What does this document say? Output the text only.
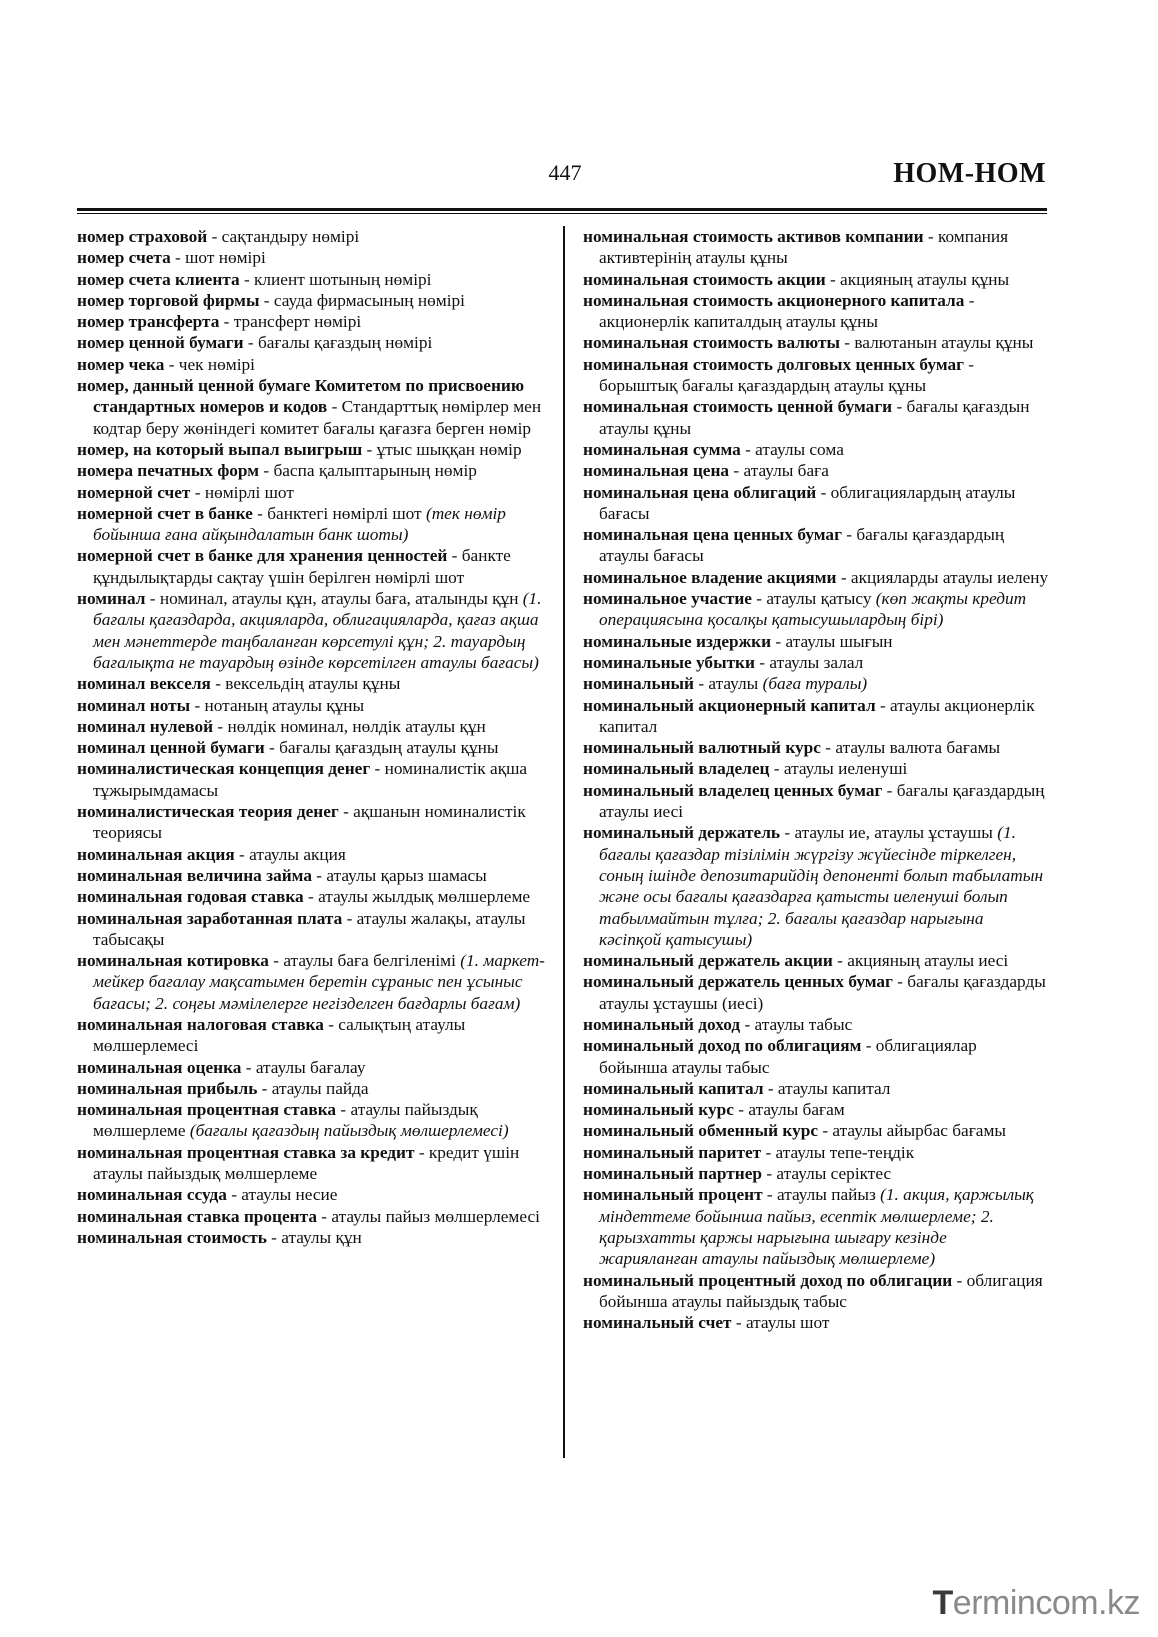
447	НОМ-НОМ

номер страховой - сақтандыру нөмірі

номер счета - шот нөмірі

номер счета клиента - клиент шотының нөмірі

номер торговой фирмы - сауда фирмасының нөмірі

номер трансферта - трансферт нөмірі

номер ценной бумаги - бағалы қағаздың нөмірі

номер чека - чек нөмірі

номер, данный ценной бумаге Комитетом по присвоению стандартных номеров и кодов - Стандарттық нөмірлер мен кодтар беру жөніндегі комитет бағалы қағазға берген нөмір

номер, на который выпал выигрыш - ұтыс шыққан нөмір

номера печатных форм - баспа қалыптарының нөмір

номерной счет - нөмірлі шот

номерной счет в банке - банктегі нөмірлі шот (тек нөмір бойынша ғана айқындалатын банк шоты)

номерной счет в банке для хранения ценностей - банкте құндылықтарды сақтау үшін берілген нөмірлі шот

номинал - номинал, атаулы құн, атаулы баға, аталынды құн (1. бағалы қағаздарда, акцияларда, облигацияларда, қағаз ақша мен мәнеттерде таңбаланған көрсетулі құн; 2. тауардың бағалықта не тауардың өзінде көрсетілген атаулы бағасы)

номинал векселя - вексельдің атаулы құны

номинал ноты - нотаның атаулы құны

номинал нулевой - нөлдік номинал, нөлдік атаулы құн

номинал ценной бумаги - бағалы қағаздың атаулы құны

номиналистическая концепция денег - номиналистік ақша тұжырымдамасы

номиналистическая теория денег - ақшанын номиналистік теориясы

номинальная акция - атаулы акция

номинальная величина займа - атаулы қарыз шамасы

номинальная годовая ставка - атаулы жылдық мөлшерлеме

номинальная заработанная плата - атаулы жалақы, атаулы табысақы

номинальная котировка - атаулы баға белгіленімі (1. маркет-мейкер бағалау мақсатымен беретін сұраныс пен ұсыныс бағасы; 2. соңғы мәмілелерге негізделген бағдарлы бағам)

номинальная налоговая ставка - салықтың атаулы мөлшерлемесі

номинальная оценка - атаулы бағалау

номинальная прибыль - атаулы пайда

номинальная процентная ставка - атаулы пайыздық мөлшерлеме (бағалы қағаздың пайыздық мөлшерлемесі)

номинальная процентная ставка за кредит - кредит үшін атаулы пайыздық мөлшерлеме

номинальная ссуда - атаулы несие

номинальная ставка процента - атаулы пайыз мөлшерлемесі

номинальная стоимость - атаулы құн

номинальная стоимость активов компании - компания активтерінің атаулы құны

номинальная стоимость акции - акцияның атаулы құны

номинальная стоимость акционерного капитала - акционерлік капиталдың атаулы құны

номинальная стоимость валюты - валютанын атаулы құны

номинальная стоимость долговых ценных бумаг - борыштық бағалы қағаздардың атаулы құны

номинальная стоимость ценной бумаги - бағалы қағаздын атаулы құны

номинальная сумма - атаулы сома

номинальная цена - атаулы баға

номинальная цена облигаций - облигациялардың атаулы бағасы

номинальная цена ценных бумаг - бағалы қағаздардың атаулы бағасы

номинальное владение акциями - акцияларды атаулы иелену

номинальное участие - атаулы қатысу (көп жақты кредит операциясына қосалқы қатысушылардың бірі)

номинальные издержки - атаулы шығын

номинальные убытки - атаулы залал

номинальный - атаулы (баға туралы)

номинальный акционерный капитал - атаулы акционерлік капитал

номинальный валютный курс - атаулы валюта бағамы

номинальный владелец - атаулы иеленуші

номинальный владелец ценных бумаг - бағалы қағаздардың атаулы иесі

номинальный держатель - атаулы ие, атаулы ұстаушы (1. бағалы қағаздар тізілімін жүргізу жүйесінде тіркелген, соның ішінде депозитарийдің депоненті болып табылатын және осы бағалы қағаздарға қатысты иеленуші болып табылмайтын тұлға; 2. бағалы қағаздар нарығына кәсіпқой қатысушы)

номинальный держатель акции - акцияның атаулы иесі

номинальный держатель ценных бумаг - бағалы қағаздарды атаулы ұстаушы (иесі)

номинальный доход - атаулы табыс

номинальный доход по облигациям - облигациялар бойынша атаулы табыс

номинальный капитал - атаулы капитал

номинальный курс - атаулы бағам

номинальный обменный курс - атаулы айырбас бағамы

номинальный паритет - атаулы тепе-теңдік

номинальный партнер - атаулы серіктес

номинальный процент - атаулы пайыз (1. акция, қаржылық міндеттеме бойынша пайыз, есептік мөлшерлеме; 2. қарызхатты қаржы нарығына шығару кезінде жарияланған атаулы пайыздық мөлшерлеме)

номинальный процентный доход по облигации - облигация бойынша атаулы пайыздық табыс

номинальный счет - атаулы шот

Termincom.kz
